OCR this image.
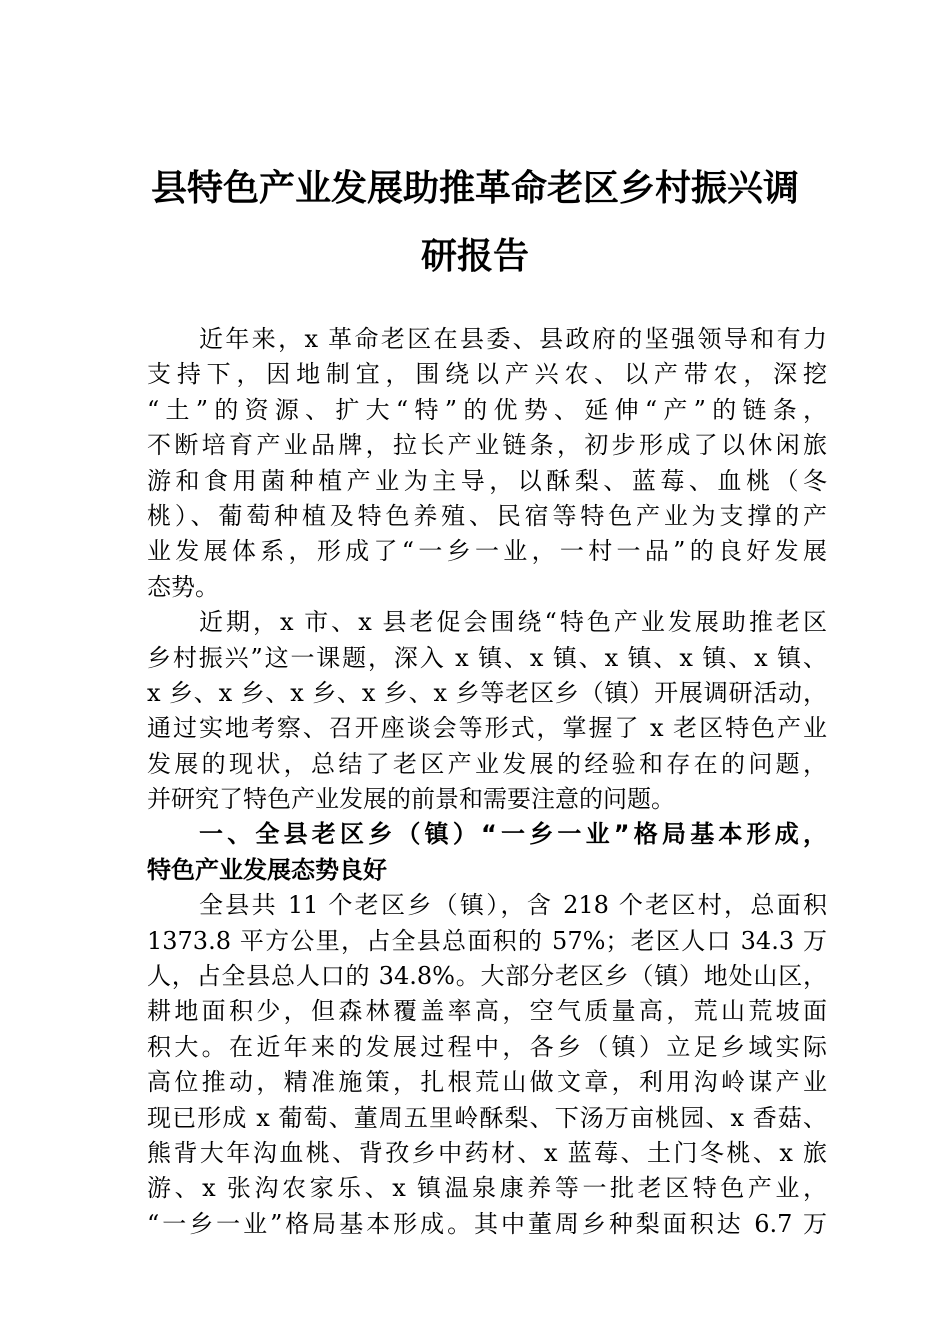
县特色产业发展助推革命老区乡村振兴调
研报告
近年来，x 革命老区在县委、县政府的坚强领导和有力
支持下，因地制宜，围绕以产兴农、以产带农，深挖
“土”的资源、扩大“特”的优势、延伸“产”的链条，
不断培育产业品牌，拉长产业链条，初步形成了以休闲旅
游和食用菌种植产业为主导，以酥梨、蓝莓、血桃（冬
桃）、葡萄种植及特色养殖、民宿等特色产业为支撑的产
业发展体系，形成了“一乡一业，一村一品”的良好发展
态势。
近期，x 市、x 县老促会围绕“特色产业发展助推老区
乡村振兴”这一课题，深入 x 镇、x 镇、x 镇、x 镇、x 镇、
x 乡、x 乡、x 乡、x 乡、x 乡等老区乡（镇）开展调研活动，
通过实地考察、召开座谈会等形式，掌握了 x 老区特色产业
发展的现状，总结了老区产业发展的经验和存在的问题，
并研究了特色产业发展的前景和需要注意的问题。
一、全县老区乡（镇）“一乡一业”格局基本形成，
特色产业发展态势良好
全县共 11 个老区乡（镇），含 218 个老区村，总面积
1373.8 平方公里，占全县总面积的 57%；老区人口 34.3 万
人，占全县总人口的 34.8%。大部分老区乡（镇）地处山区，
耕地面积少，但森林覆盖率高，空气质量高，荒山荒坡面
积大。在近年来的发展过程中，各乡（镇）立足乡域实际
高位推动，精准施策，扎根荒山做文章，利用沟岭谋产业
现已形成 x 葡萄、董周五里岭酥梨、下汤万亩桃园、x 香菇、
熊背大年沟血桃、背孜乡中药材、x 蓝莓、土门冬桃、x 旅
游、x 张沟农家乐、x 镇温泉康养等一批老区特色产业，
“一乡一业”格局基本形成。其中董周乡种梨面积达 6.7 万
